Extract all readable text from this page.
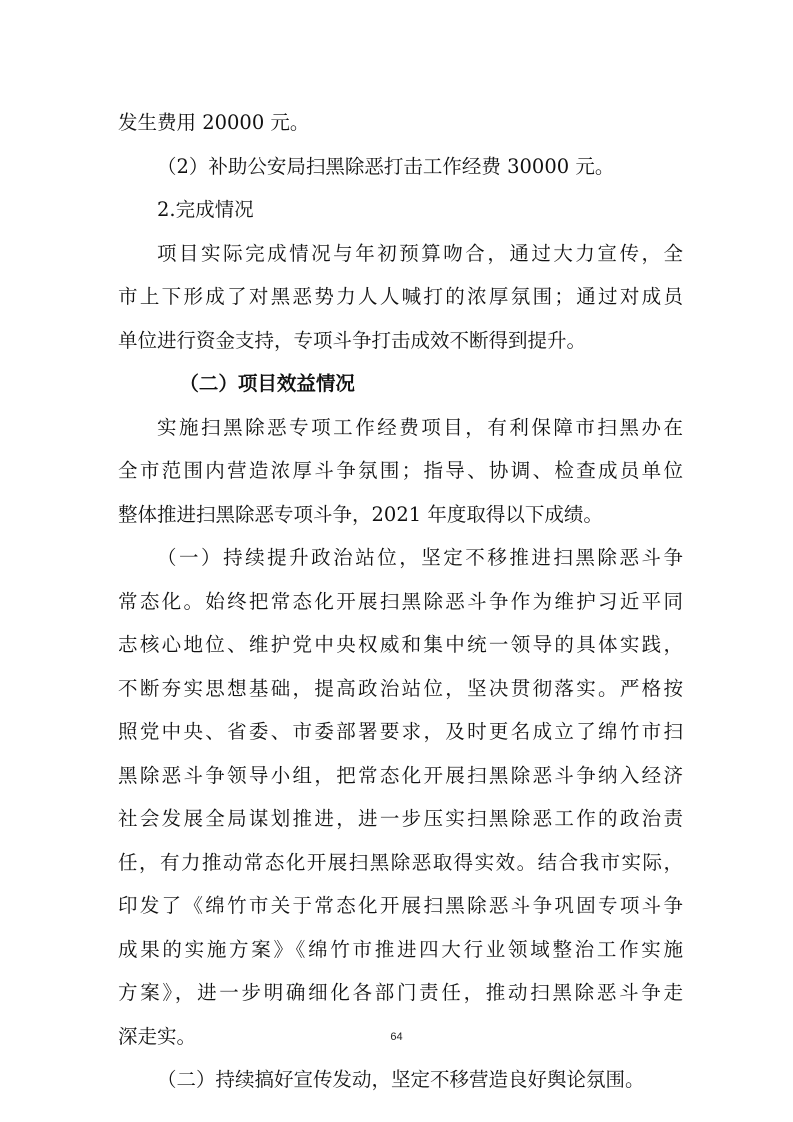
发生费用 20000 元。
（2）补助公安局扫黑除恶打击工作经费 30000 元。
2.完成情况
项目实际完成情况与年初预算吻合，通过大力宣传，全
市上下形成了对黑恶势力人人喊打的浓厚氛围；通过对成员
单位进行资金支持，专项斗争打击成效不断得到提升。
（二）项目效益情况
实施扫黑除恶专项工作经费项目，有利保障市扫黑办在
全市范围内营造浓厚斗争氛围；指导、协调、检查成员单位
整体推进扫黑除恶专项斗争，2021 年度取得以下成绩。
（一）持续提升政治站位，坚定不移推进扫黑除恶斗争
常态化。始终把常态化开展扫黑除恶斗争作为维护习近平同
志核心地位、维护党中央权威和集中统一领导的具体实践，
不断夯实思想基础，提高政治站位，坚决贯彻落实。严格按
照党中央、省委、市委部署要求，及时更名成立了绵竹市扫
黑除恶斗争领导小组，把常态化开展扫黑除恶斗争纳入经济
社会发展全局谋划推进，进一步压实扫黑除恶工作的政治责
任，有力推动常态化开展扫黑除恶取得实效。结合我市实际，
印发了《绵竹市关于常态化开展扫黑除恶斗争巩固专项斗争
成果的实施方案》《绵竹市推进四大行业领域整治工作实施
方案》，进一步明确细化各部门责任，推动扫黑除恶斗争走
深走实。
（二）持续搞好宣传发动，坚定不移营造良好舆论氛围。
64
